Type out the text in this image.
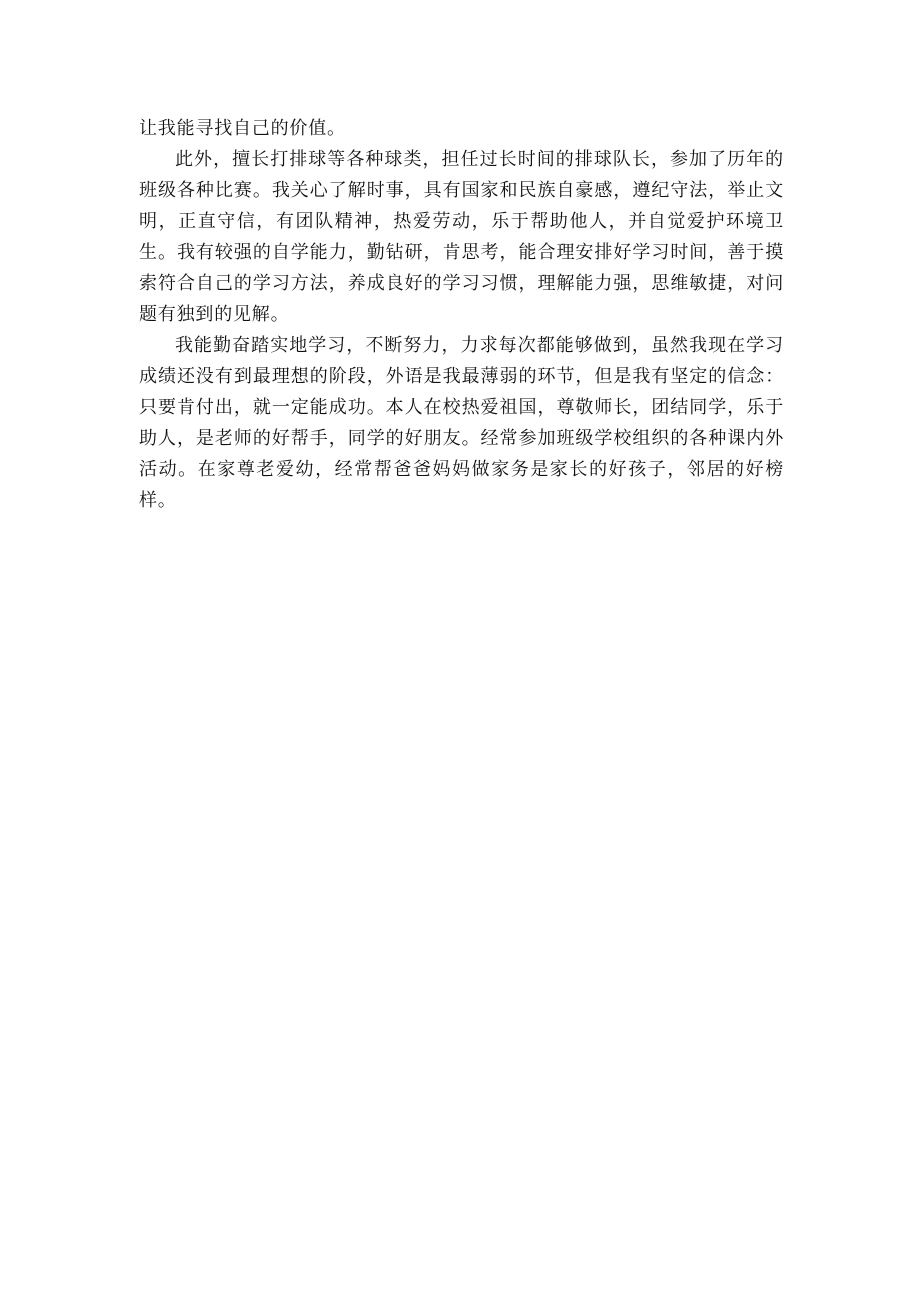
让我能寻找自己的价值。

此外，擅长打排球等各种球类，担任过长时间的排球队长，参加了历年的班级各种比赛。我关心了解时事，具有国家和民族自豪感，遵纪守法，举止文明，正直守信，有团队精神，热爱劳动，乐于帮助他人，并自觉爱护环境卫生。我有较强的自学能力，勤钻研，肯思考，能合理安排好学习时间，善于摸索符合自己的学习方法，养成良好的学习习惯，理解能力强，思维敏捷，对问题有独到的见解。

我能勤奋踏实地学习，不断努力，力求每次都能够做到，虽然我现在学习成绩还没有到最理想的阶段，外语是我最薄弱的环节，但是我有坚定的信念：只要肯付出，就一定能成功。本人在校热爱祖国，尊敬师长，团结同学，乐于助人，是老师的好帮手，同学的好朋友。经常参加班级学校组织的各种课内外活动。在家尊老爱幼，经常帮爸爸妈妈做家务是家长的好孩子，邻居的好榜样。
